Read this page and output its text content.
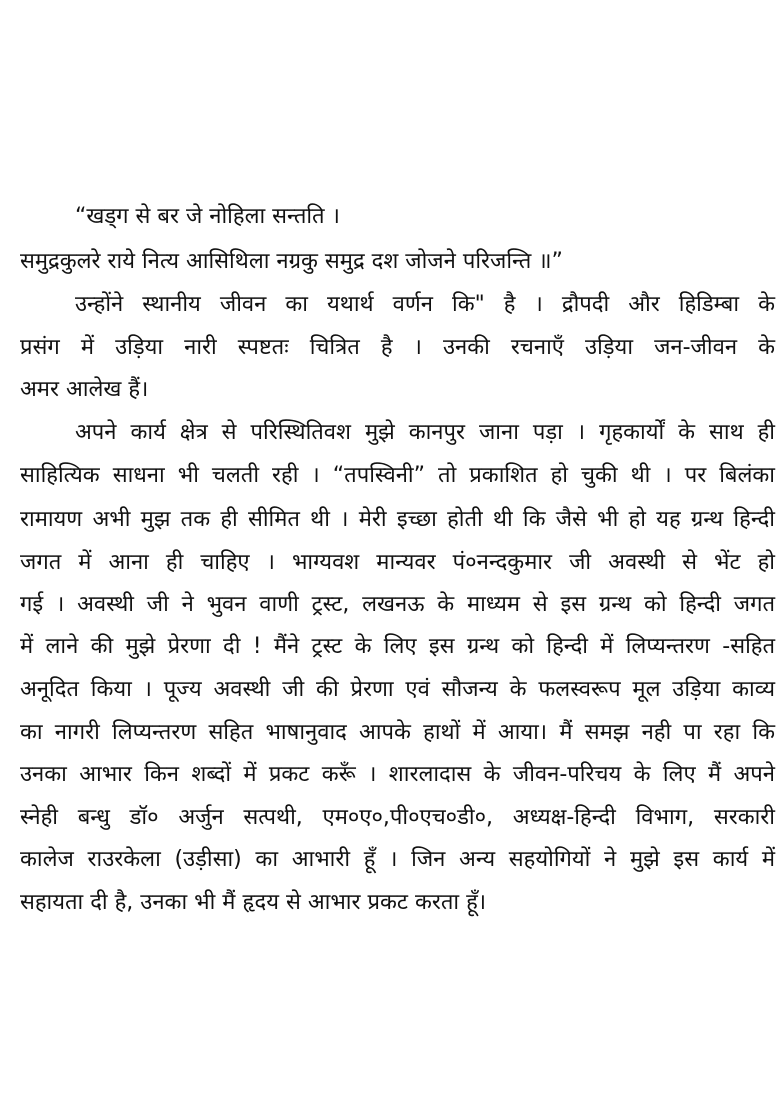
“खड्ग से बर जे नोहिला सन्तति ।
समुद्रकुलरे राये नित्य आसिथिला नग्रकु समुद्र दश जोजने परिजन्ति ॥”
उन्होंने स्थानीय जीवन का यथार्थ वर्णन कि" है । द्रौपदी और हिडिम्बा के
प्रसंग में उड़िया नारी स्पष्टतः चित्रित है । उनकी रचनाएँ उड़िया जन-जीवन के
अमर आलेख हैं।
अपने कार्य क्षेत्र से परिस्थितिवश मुझे कानपुर जाना पड़ा । गृहकार्यों के साथ ही
साहित्यिक साधना भी चलती रही । “तपस्विनी” तो प्रकाशित हो चुकी थी । पर बिलंका
रामायण अभी मुझ तक ही सीमित थी । मेरी इच्छा होती थी कि जैसे भी हो यह ग्रन्थ हिन्दी
जगत में आना ही चाहिए । भाग्यवश मान्यवर पं०नन्दकुमार जी अवस्थी से भेंट हो
गई । अवस्थी जी ने भुवन वाणी ट्रस्ट, लखनऊ के माध्यम से इस ग्रन्थ को हिन्दी जगत
में लाने की मुझे प्रेरणा दी ! मैंने ट्रस्ट के लिए इस ग्रन्थ को हिन्दी में लिप्यन्तरण -सहित
अनूदित किया । पूज्य अवस्थी जी की प्रेरणा एवं सौजन्य के फलस्वरूप मूल उड़िया काव्य
का नागरी लिप्यन्तरण सहित भाषानुवाद आपके हाथों में आया। मैं समझ नही पा रहा कि
उनका आभार किन शब्दों में प्रकट करूँ । शारलादास के जीवन-परिचय के लिए मैं अपने
स्नेही बन्धु डॉ० अर्जुन सत्पथी, एम०ए०,पी०एच०डी०, अध्यक्ष-हिन्दी विभाग, सरकारी
कालेज राउरकेला (उड़ीसा) का आभारी हूँ । जिन अन्य सहयोगियों ने मुझे इस कार्य में
सहायता दी है, उनका भी मैं हृदय से आभार प्रकट करता हूँ।
